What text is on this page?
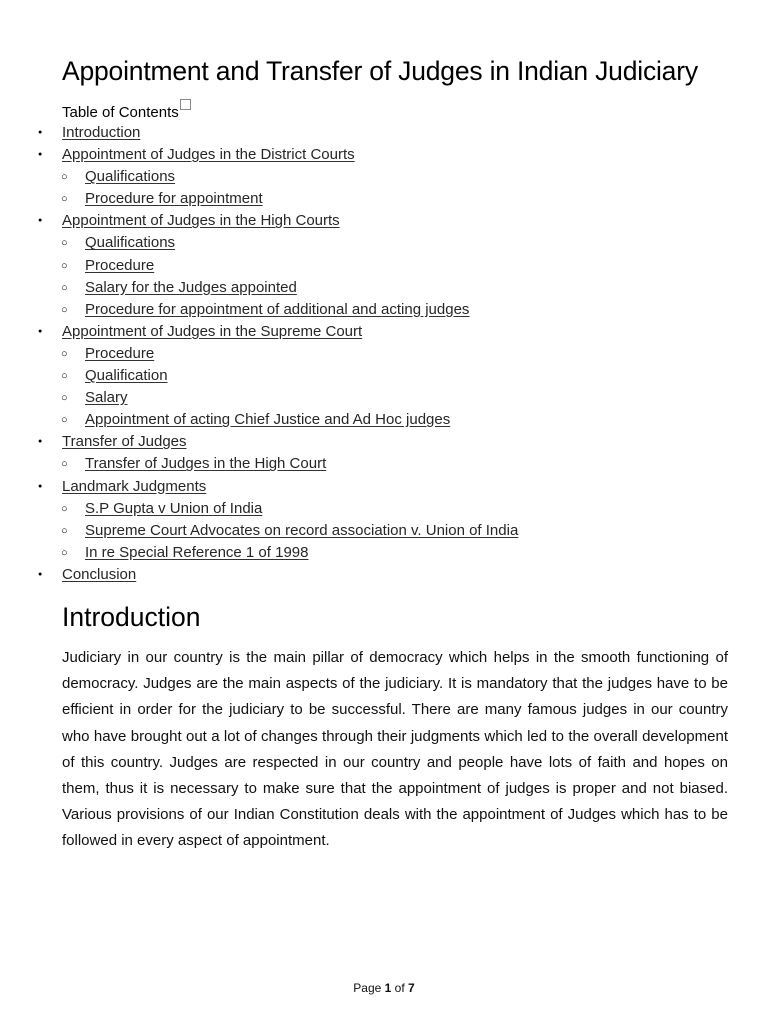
Appointment and Transfer of Judges in Indian Judiciary
Table of Contents
● Introduction
● Appointment of Judges in the District Courts
○ Qualifications
○ Procedure for appointment
● Appointment of Judges in the High Courts
○ Qualifications
○ Procedure
○ Salary for the Judges appointed
○ Procedure for appointment of additional and acting judges
● Appointment of Judges in the Supreme Court
○ Procedure
○ Qualification
○ Salary
○ Appointment of acting Chief Justice and Ad Hoc judges
● Transfer of Judges
○ Transfer of Judges in the High Court
● Landmark Judgments
○ S.P Gupta v Union of India
○ Supreme Court Advocates on record association v. Union of India
○ In re Special Reference 1 of 1998
● Conclusion
Introduction

Judiciary in our country is the main pillar of democracy which helps in the smooth functioning of democracy. Judges are the main aspects of the judiciary. It is mandatory that the judges have to be efficient in order for the judiciary to be successful. There are many famous judges in our country who have brought out a lot of changes through their judgments which led to the overall development of this country. Judges are respected in our country and people have lots of faith and hopes on them, thus it is necessary to make sure that the appointment of judges is proper and not biased. Various provisions of our Indian Constitution deals with the appointment of Judges which has to be followed in every aspect of appointment.

Page 1 of 7
